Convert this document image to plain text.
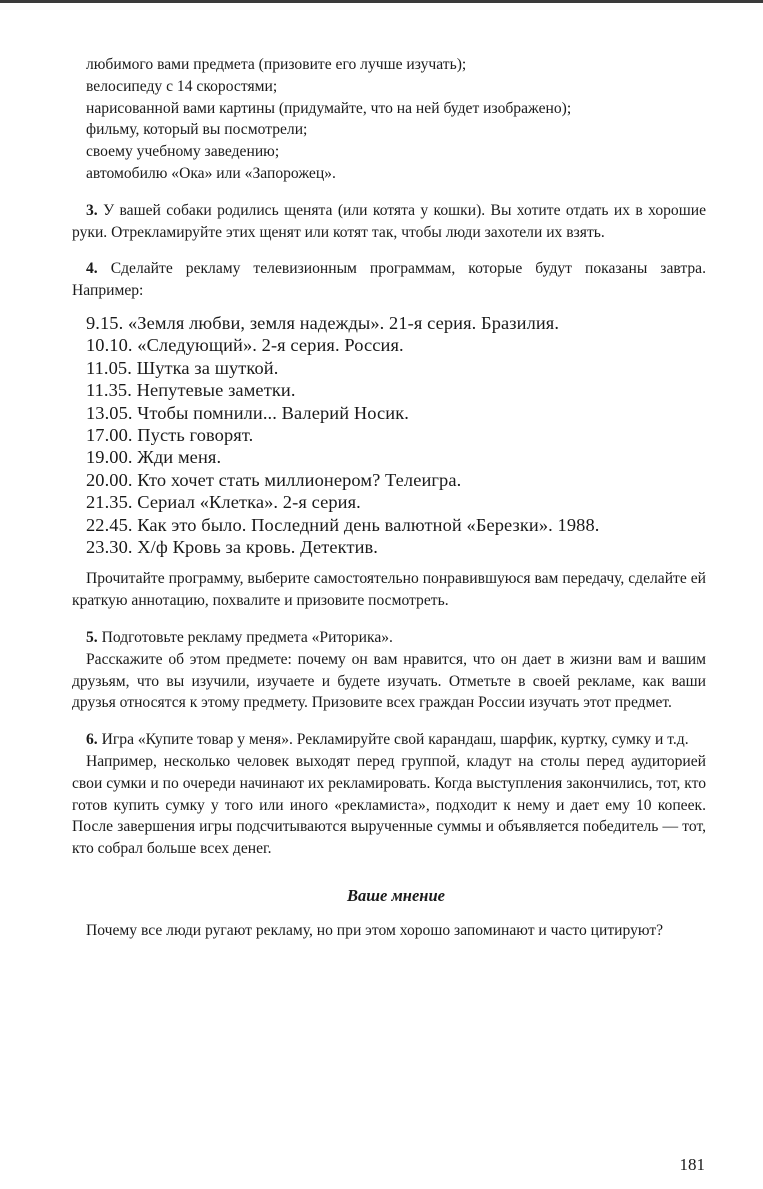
любимого вами предмета (призовите его лучше изучать);

велосипеду с 14 скоростями;

нарисованной вами картины (придумайте, что на ней будет изображено);

фильму, который вы посмотрели;

своему учебному заведению;

автомобилю «Ока» или «Запорожец».

3. У вашей собаки родились щенята (или котята у кошки). Вы хотите отдать их в хорошие руки. Отрекламируйте этих щенят или котят так, чтобы люди захотели их взять.

4. Сделайте рекламу телевизионным программам, которые будут показаны завтра. Например:

9.15. «Земля любви, земля надежды». 21-я серия. Бразилия.

10.10. «Следующий». 2-я серия. Россия.

11.05. Шутка за шуткой.

11.35. Непутевые заметки.

13.05. Чтобы помнили... Валерий Носик.

17.00. Пусть говорят.

19.00. Жди меня.

20.00. Кто хочет стать миллионером? Телеигра.

21.35. Сериал «Клетка». 2-я серия.

22.45. Как это было. Последний день валютной «Березки». 1988.

23.30. Х/ф Кровь за кровь. Детектив.

Прочитайте программу, выберите самостоятельно понравившуюся вам передачу, сделайте ей краткую аннотацию, похвалите и призовите посмотреть.

5. Подготовьте рекламу предмета «Риторика».

Расскажите об этом предмете: почему он вам нравится, что он дает в жизни вам и вашим друзьям, что вы изучили, изучаете и будете изучать. Отметьте в своей рекламе, как ваши друзья относятся к этому предмету. Призовите всех граждан России изучать этот предмет.

6. Игра «Купите товар у меня». Рекламируйте свой карандаш, шарфик, куртку, сумку и т.д.

Например, несколько человек выходят перед группой, кладут на столы перед аудиторией свои сумки и по очереди начинают их рекламировать. Когда выступления закончились, тот, кто готов купить сумку у того или иного «рекламиста», подходит к нему и дает ему 10 копеек. После завершения игры подсчитываются вырученные суммы и объявляется победитель — тот, кто собрал больше всех денег.

Ваше мнение

Почему все люди ругают рекламу, но при этом хорошо запоминают и часто цитируют?

181
